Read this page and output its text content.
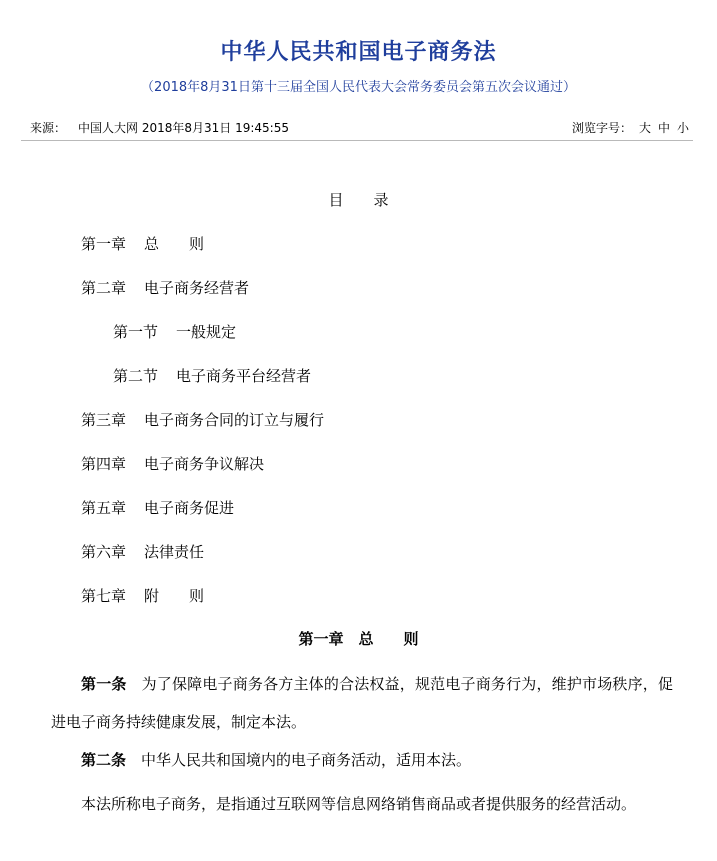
中华人民共和国电子商务法
（2018年8月31日第十三届全国人民代表大会常务委员会第五次会议通过）
来源： 中国人大网 2018年8月31日 19:45:55	浏览字号： 大 中 小
目 录
第一章 总　　则
第二章 电子商务经营者
第一节 一般规定
第二节 电子商务平台经营者
第三章 电子商务合同的订立与履行
第四章 电子商务争议解决
第五章 电子商务促进
第六章 法律责任
第七章 附　　则
第一章　总　　则
第一条 为了保障电子商务各方主体的合法权益，规范电子商务行为，维护市场秩序，促进电子商务持续健康发展，制定本法。
第二条 中华人民共和国境内的电子商务活动，适用本法。
本法所称电子商务，是指通过互联网等信息网络销售商品或者提供服务的经营活动。
